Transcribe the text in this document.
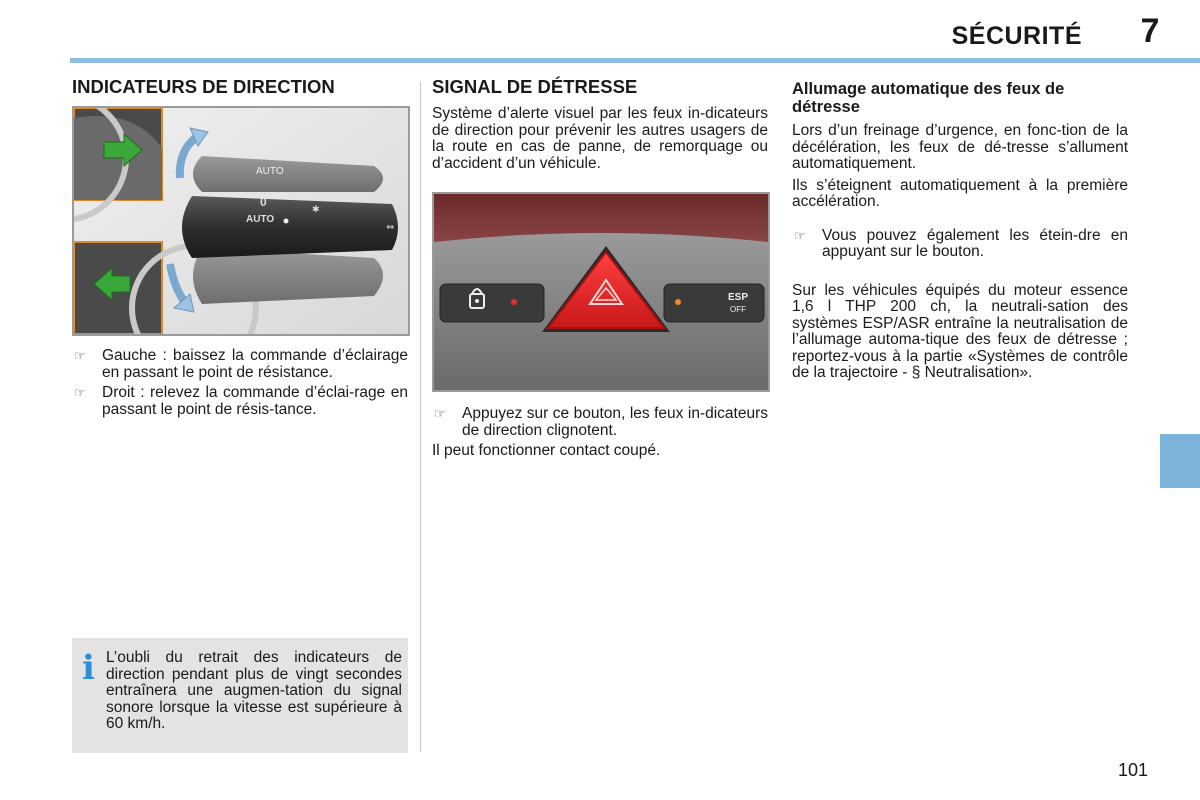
SÉCURITÉ	7
INDICATEURS DE DIRECTION
AUTO
0
AUTO
✱
⇔
☞ Gauche : baissez la commande d’éclairage en passant le point de résistance.
☞ Droit : relevez la commande d’éclai-rage en passant le point de résis-tance.
i L’oubli du retrait des indicateurs de direction pendant plus de vingt secondes entraînera une augmen-tation du signal sonore lorsque la vitesse est supérieure à 60 km/h.

SIGNAL DE DÉTRESSE

Système d’alerte visuel par les feux in-dicateurs de direction pour prévenir les autres usagers de la route en cas de panne, de remorquage ou d’accident d’un véhicule.

ESP
OFF
☞ Appuyez sur ce bouton, les feux in-dicateurs de direction clignotent.

Il peut fonctionner contact coupé.

Allumage automatique des feux de détresse

Lors d’un freinage d’urgence, en fonc-tion de la décélération, les feux de dé-tresse s’allument automatiquement.

Ils s’éteignent automatiquement à la première accélération.

☞ Vous pouvez également les étein-dre en appuyant sur le bouton.

Sur les véhicules équipés du moteur essence 1,6 l THP 200 ch, la neutrali-sation des systèmes ESP/ASR entraîne la neutralisation de l’allumage automa-tique des feux de détresse ; reportez-vous à la partie «Systèmes de contrôle de la trajectoire - § Neutralisation».

101
